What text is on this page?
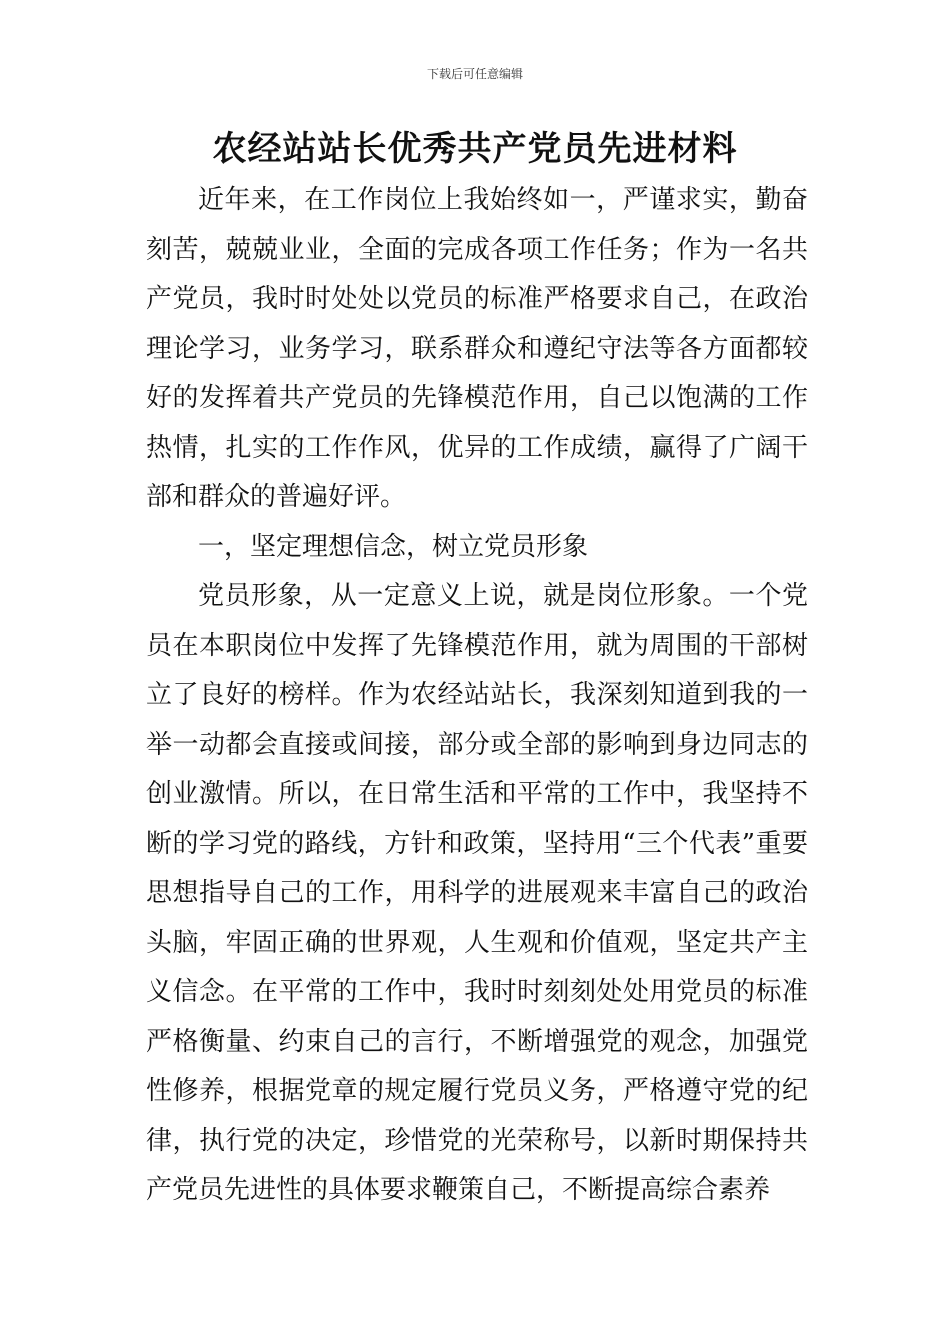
下载后可任意编辑
农经站站长优秀共产党员先进材料

近年来，在工作岗位上我始终如一，严谨求实，勤奋刻苦，兢兢业业，全面的完成各项工作任务；作为一名共产党员，我时时处处以党员的标准严格要求自己，在政治理论学习，业务学习，联系群众和遵纪守法等各方面都较好的发挥着共产党员的先锋模范作用，自己以饱满的工作热情，扎实的工作作风，优异的工作成绩，赢得了广阔干部和群众的普遍好评。

一，坚定理想信念，树立党员形象

党员形象，从一定意义上说，就是岗位形象。一个党员在本职岗位中发挥了先锋模范作用，就为周围的干部树立了良好的榜样。作为农经站站长，我深刻知道到我的一举一动都会直接或间接，部分或全部的影响到身边同志的创业激情。所以，在日常生活和平常的工作中，我坚持不断的学习党的路线，方针和政策，坚持用“三个代表”重要思想指导自己的工作，用科学的进展观来丰富自己的政治头脑，牢固正确的世界观，人生观和价值观，坚定共产主义信念。在平常的工作中，我时时刻刻处处用党员的标准严格衡量、约束自己的言行，不断增强党的观念，加强党性修养，根据党章的规定履行党员义务，严格遵守党的纪律，执行党的决定，珍惜党的光荣称号，以新时期保持共产党员先进性的具体要求鞭策自己，不断提高综合素养
